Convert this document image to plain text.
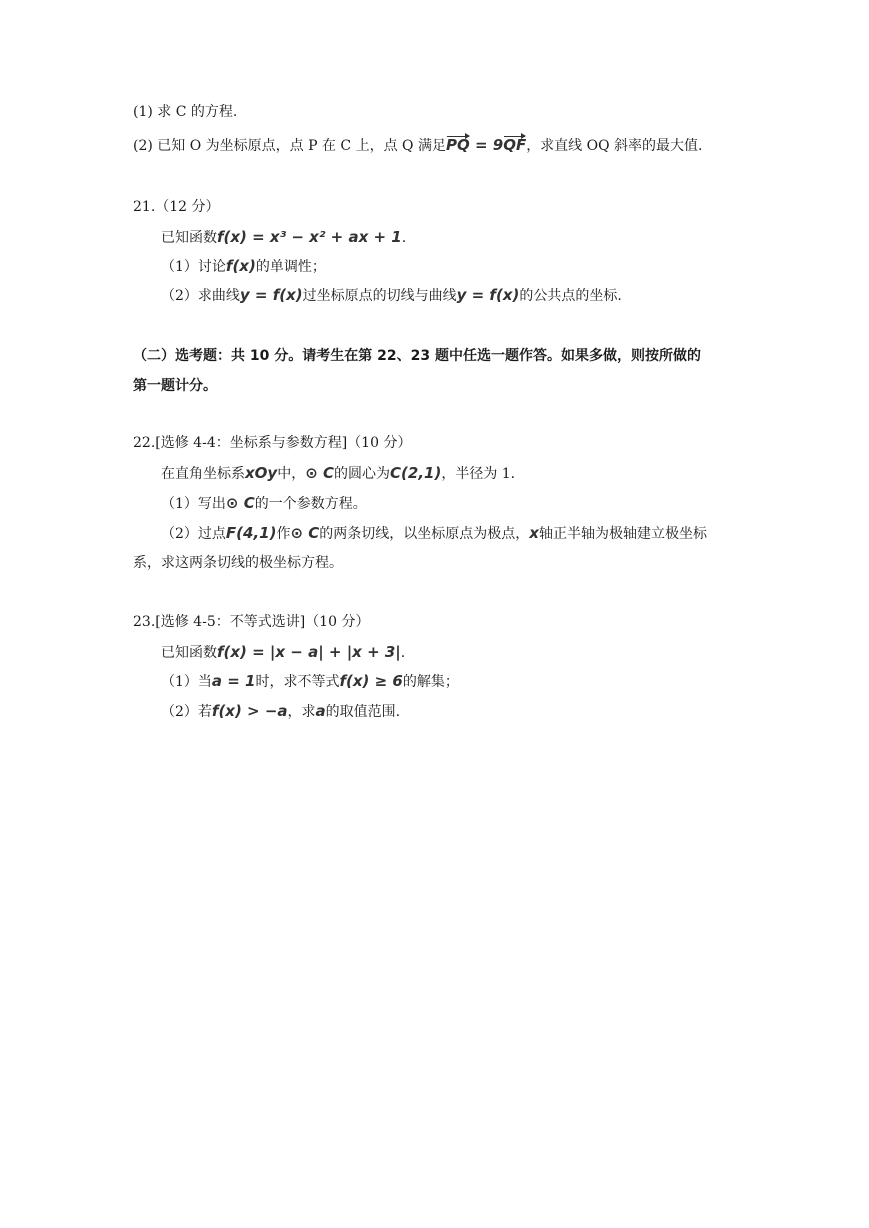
(1) 求 C 的方程.
(2) 已知 O 为坐标原点，点 P 在 C 上，点 Q 满足PQ = 9QF，求直线 OQ 斜率的最大值.
21.（12 分）
已知函数f(x) = x³ − x² + ax + 1.
（1）讨论f(x)的单调性；
（2）求曲线y = f(x)过坐标原点的切线与曲线y = f(x)的公共点的坐标.
（二）选考题：共 10 分。请考生在第 22、23 题中任选一题作答。如果多做，则按所做的
第一题计分。
22.[选修 4-4：坐标系与参数方程]（10 分）
在直角坐标系xOy中，⊙ C的圆心为C(2,1)，半径为 1.
（1）写出⊙ C的一个参数方程。
（2）过点F(4,1)作⊙ C的两条切线，以坐标原点为极点，x轴正半轴为极轴建立极坐标
系，求这两条切线的极坐标方程。
23.[选修 4-5：不等式选讲]（10 分）
已知函数f(x) = |x − a| + |x + 3|.
（1）当a = 1时，求不等式f(x) ≥ 6的解集；
（2）若f(x) > −a，求a的取值范围.
